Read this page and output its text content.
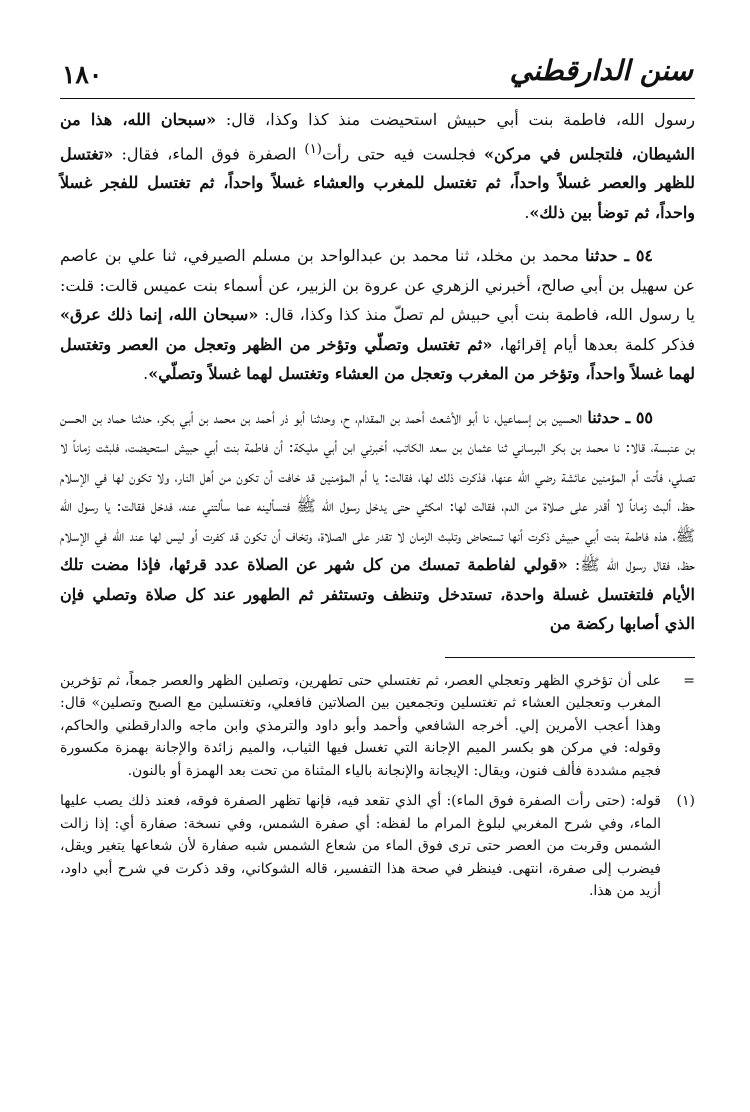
سنن الدارقطني
١٨٠

رسول الله، فاطمة بنت أبي حبيش استحيضت منذ كذا وكذا، قال: «سبحان الله، هذا من الشيطان، فلتجلس في مركن» فجلست فيه حتى رأت$^{(١)}$ الصفرة فوق الماء، فقال: «تغتسل للظهر والعصر غسلاً واحداً، ثم تغتسل للمغرب والعشاء غسلاً واحداً، ثم تغتسل للفجر غسلاً واحداً، ثم توضأ بين ذلك».

٥٤ ـ حدثنا محمد بن مخلد، ثنا محمد بن عبدالواحد بن مسلم الصيرفي، ثنا علي بن عاصم عن سهيل بن أبي صالح، أخبرني الزهري عن عروة بن الزبير، عن أسماء بنت عميس قالت: قلت: يا رسول الله، فاطمة بنت أبي حبيش لم تصلّ منذ كذا وكذا، قال: «سبحان الله، إنما ذلك عرق» فذكر كلمة بعدها أيام إقرائها، «ثم تغتسل وتصلّي وتؤخر من الظهر وتعجل من العصر وتغتسل لهما غسلاً واحداً، وتؤخر من المغرب وتعجل من العشاء وتغتسل لهما غسلاً وتصلّي».

٥٥ ـ حدثنا الحسين بن إسماعيل، نا أبو الأشعث أحمد بن المقدام، ح، وحدثنا أبو ذر أحمد بن محمد بن أبي بكر، حدثنا حماد بن الحسن بن عنبسة، قالا: نا محمد بن بكر البرساني ثنا عثمان بن سعد الكاتب، أخبرني ابن أبي مليكة: أن فاطمة بنت أبي حبيش استحيضت، فلبثت زماناً لا تصلي، فأتت أم المؤمنين عائشة رضي الله عنها، فذكرت ذلك لها، فقالت: يا أم المؤمنين قد خافت أن تكون من أهل النار، ولا تكون لها في الإسلام حظ، ألبث زماناً لا أقدر على صلاة من الدم، فقالت لها: امكثي حتى يدخل رسول الله ﷺ فتسألينه عما سألتني عنه، فدخل فقالت: يا رسول الله ﷺ، هذه فاطمة بنت أبي حبيش ذكرت أنها تستحاض وتلبث الزمان لا تقدر على الصلاة، وتخاف أن تكون قد كفرت أو ليس لها عند الله في الإسلام حظ، فقال رسول الله ﷺ: «قولي لفاطمة تمسك من كل شهر عن الصلاة عدد قرئها، فإذا مضت تلك الأيام فلتغتسل غسلة واحدة، تستدخل وتنظف وتستثفر ثم الطهور عند كل صلاة وتصلي فإن الذي أصابها ركضة من

=
على أن تؤخري الظهر وتعجلي العصر، ثم تغتسلي حتى تطهرين، وتصلين الظهر والعصر جمعاً، ثم تؤخرين المغرب وتعجلين العشاء ثم تغتسلين وتجمعين بين الصلاتين فافعلي، وتغتسلين مع الصبح وتصلين» قال: وهذا أعجب الأمرين إلي. أخرجه الشافعي وأحمد وأبو داود والترمذي وابن ماجه والدارقطني والحاكم، وقوله: في مركن هو بكسر الميم الإجانة التي تغسل فيها الثياب، والميم زائدة والإجانة بهمزة مكسورة فجيم مشددة فألف فنون، ويقال: الإيجانة والإنجانة بالياء المثناة من تحت بعد الهمزة أو بالنون.
(١)
قوله: (حتى رأت الصفرة فوق الماء): أي الذي تقعد فيه، فإنها تظهر الصفرة فوقه، فعند ذلك يصب عليها الماء، وفي شرح المغربي لبلوغ المرام ما لفظه: أي صفرة الشمس، وفي نسخة: صفارة أي: إذا زالت الشمس وقربت من العصر حتى ترى فوق الماء من شعاع الشمس شبه صفارة لأن شعاعها يتغير ويقل، فيضرب إلى صفرة، انتهى. فينظر في صحة هذا التفسير، قاله الشوكاني، وقد ذكرت في شرح أبي داود، أزيد من هذا.
